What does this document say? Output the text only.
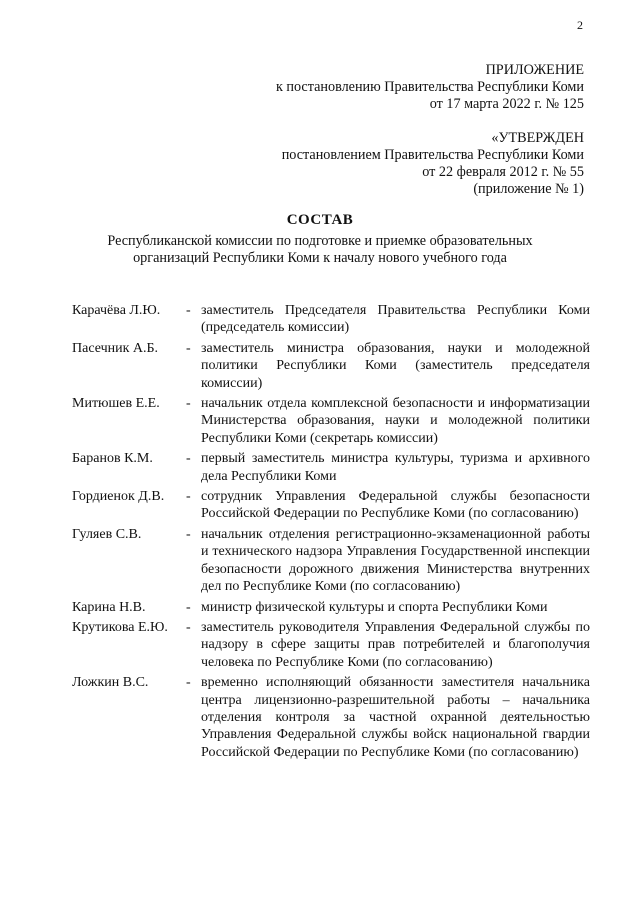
2
ПРИЛОЖЕНИЕ
к постановлению Правительства Республики Коми
от 17 марта 2022 г. № 125
«УТВЕРЖДЕН
постановлением Правительства Республики Коми
от 22 февраля 2012 г. № 55
(приложение № 1)
СОСТАВ
Республиканской комиссии по подготовке и приемке образовательных
организаций Республики Коми к началу нового учебного года
Карачёва Л.Ю.	- заместитель Председателя Правительства Республики Коми (председатель комиссии)
Пасечник А.Б.	- заместитель министра образования, науки и молодежной политики Республики Коми (заместитель председателя комиссии)
Митюшев Е.Е.	- начальник отдела комплексной безопасности и информатизации Министерства образования, науки и молодежной политики Республики Коми (секретарь комиссии)
Баранов К.М.	- первый заместитель министра культуры, туризма и архивного дела Республики Коми
Гордиенок Д.В.	- сотрудник Управления Федеральной службы безопасности Российской Федерации по Республике Коми (по согласованию)
Гуляев С.В.	- начальник отделения регистрационно-экзаменационной работы и технического надзора Управления Государственной инспекции безопасности дорожного движения Министерства внутренних дел по Республике Коми (по согласованию)
Карина Н.В.	- министр физической культуры и спорта Республики Коми
Крутикова Е.Ю.	- заместитель руководителя Управления Федеральной службы по надзору в сфере защиты прав потребителей и благополучия человека по Республике Коми (по согласованию)
Ложкин В.С.	- временно исполняющий обязанности заместителя начальника центра лицензионно-разрешительной работы – начальника отделения контроля за частной охранной деятельностью Управления Федеральной службы войск национальной гвардии Российской Федерации по Республике Коми (по согласованию)
